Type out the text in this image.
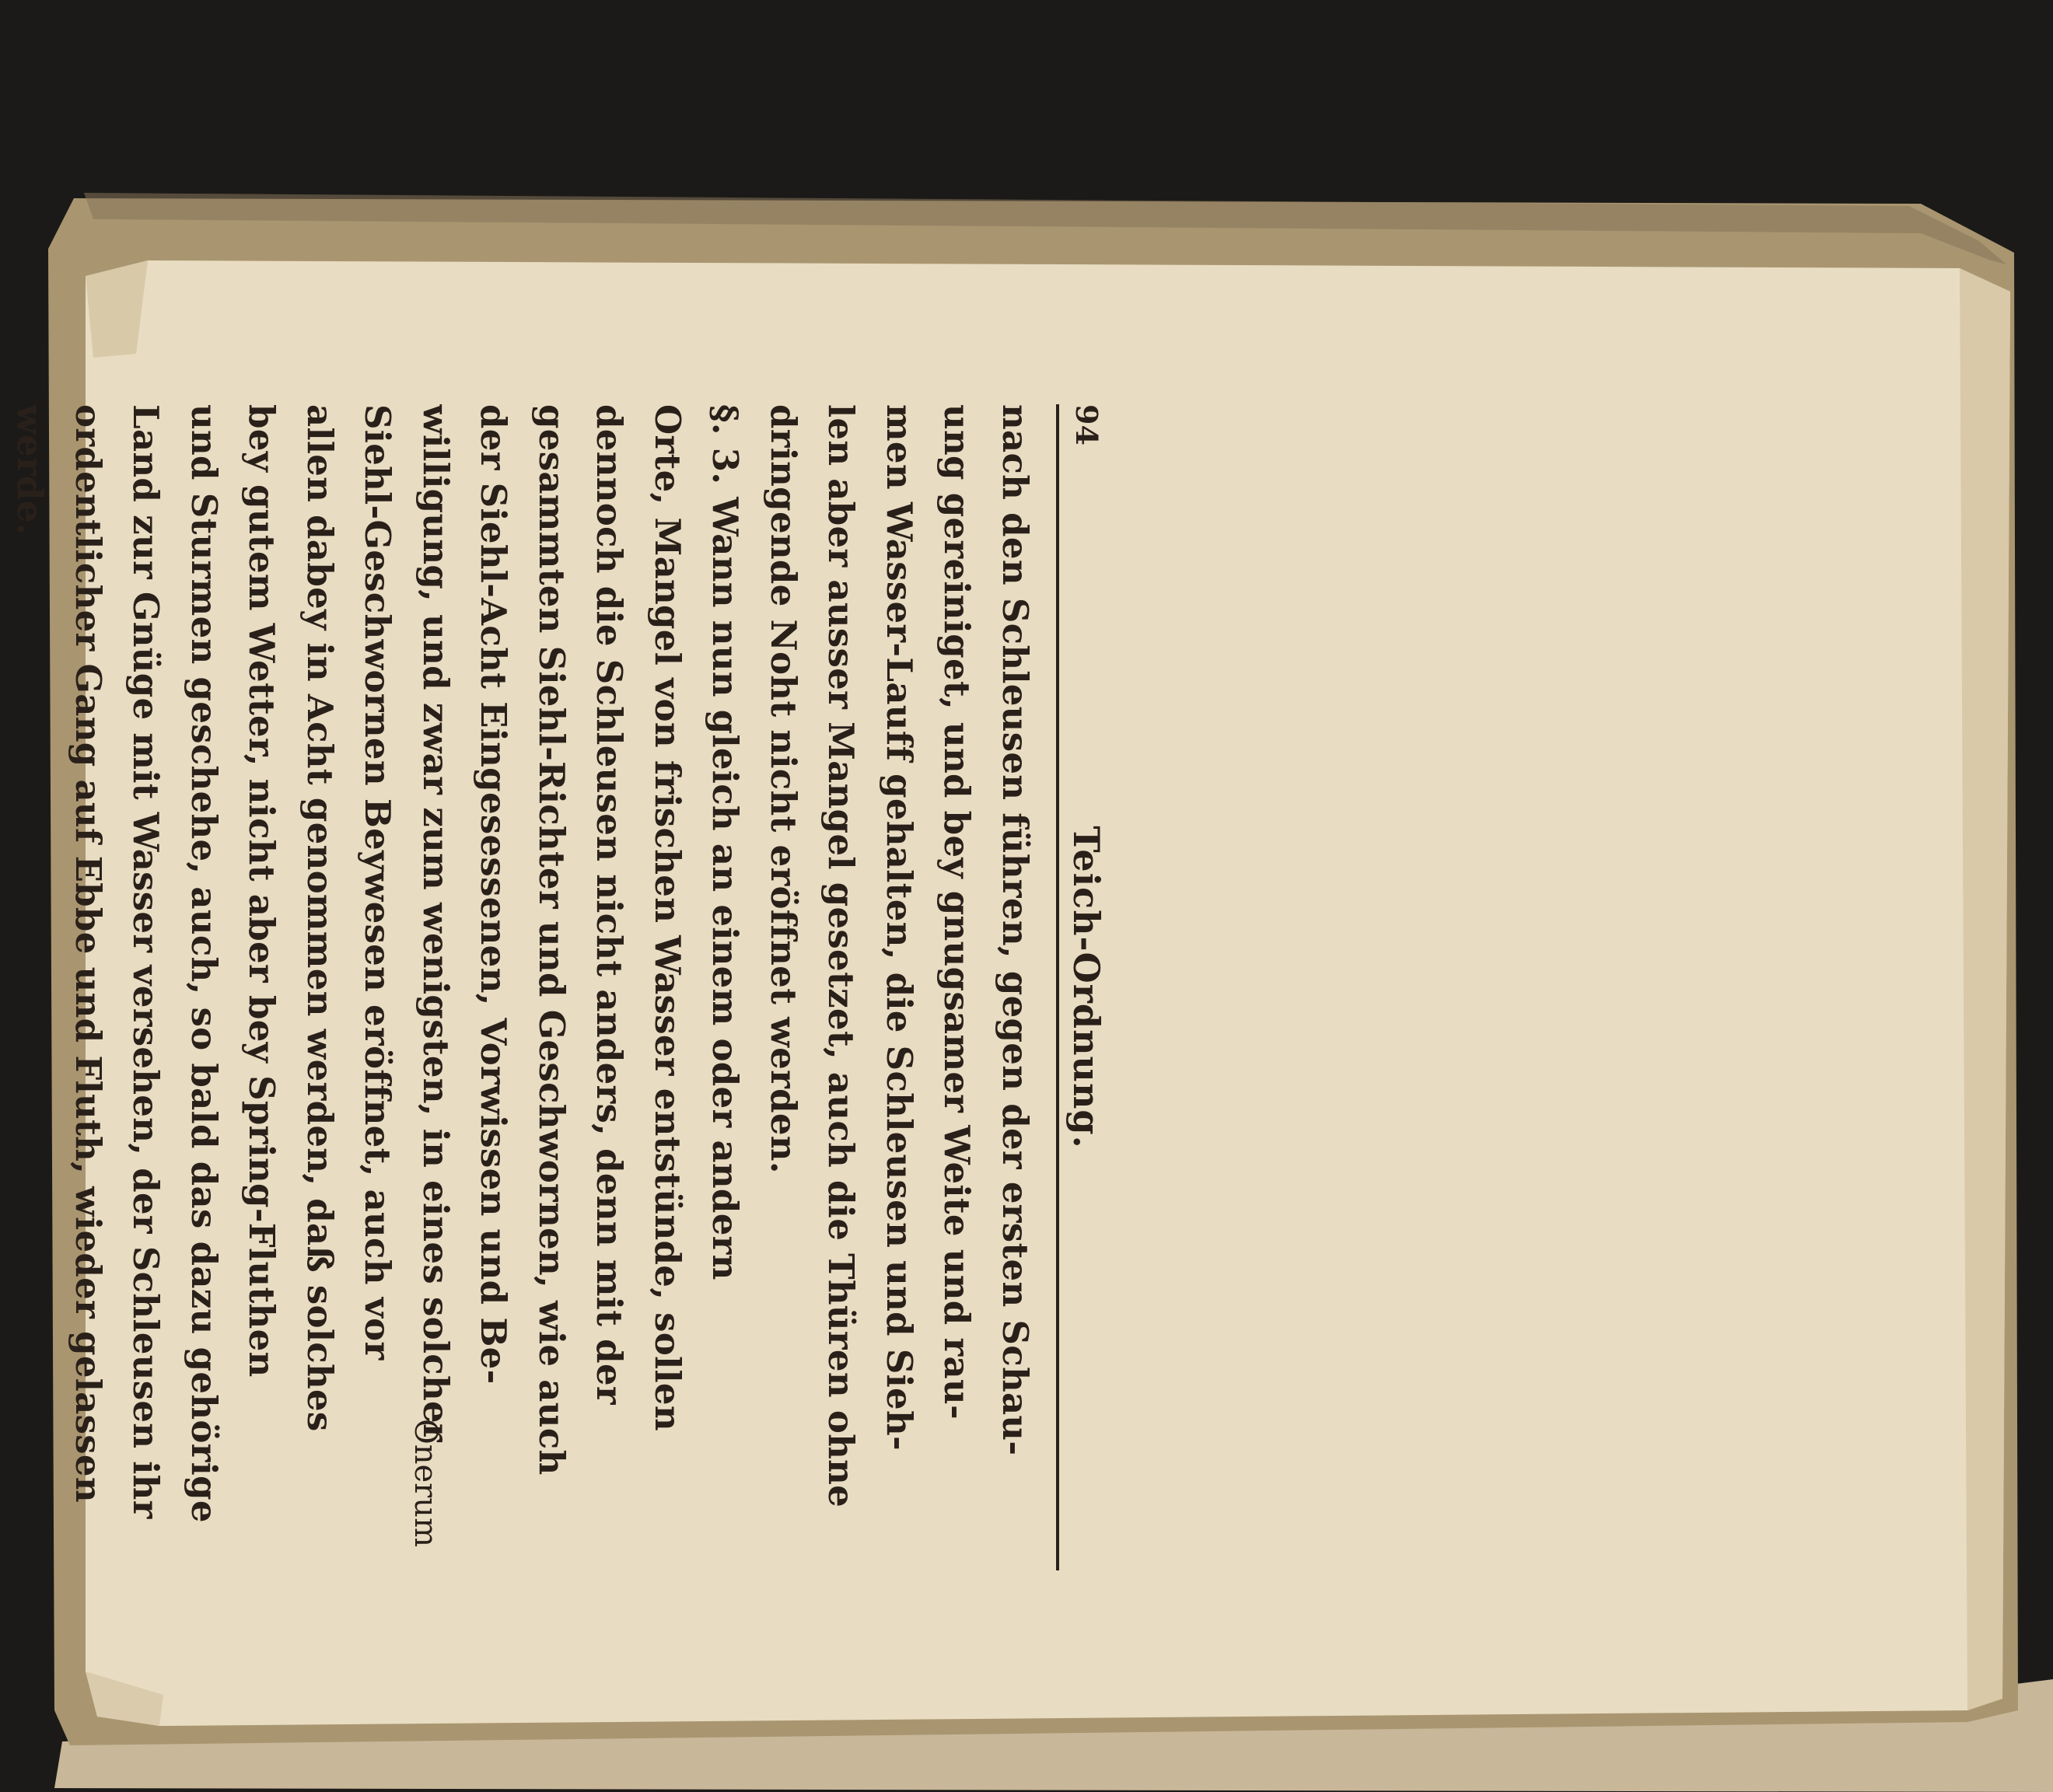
94
Teich-Ordnung.

nach den Schleusen führen, gegen der ersten Schau-

ung gereiniget, und bey gnugsamer Weite und rau-

men Wasser-Lauff gehalten, die Schleusen und Sieh-

len aber ausser Mangel gesetzet, auch die Thüren ohne

dringende Noht nicht eröffnet werden.

§. 3. Wann nun gleich an einem oder andern

Orte, Mangel von frischen Wasser entstünde, sollen

dennoch die Schleusen nicht anders, denn mit der

gesammten Siehl-Richter und Geschwornen, wie auch

der Siehl-Acht Eingesessenen, Vorwissen und Be-

willigung, und zwar zum wenigsten, in eines solcher

Siehl-Geschwornen Beywesen eröffnet, auch vor

allen dabey in Acht genommen werden, daß solches

bey gutem Wetter, nicht aber bey Spring-Fluthen

und Sturmen geschehe, auch, so bald das dazu gehörige

Land zur Gnüge mit Wasser versehen, der Schleusen ihr

ordentlicher Gang auf Ebbe und Fluth, wieder gelassen

werde.

Onerum
